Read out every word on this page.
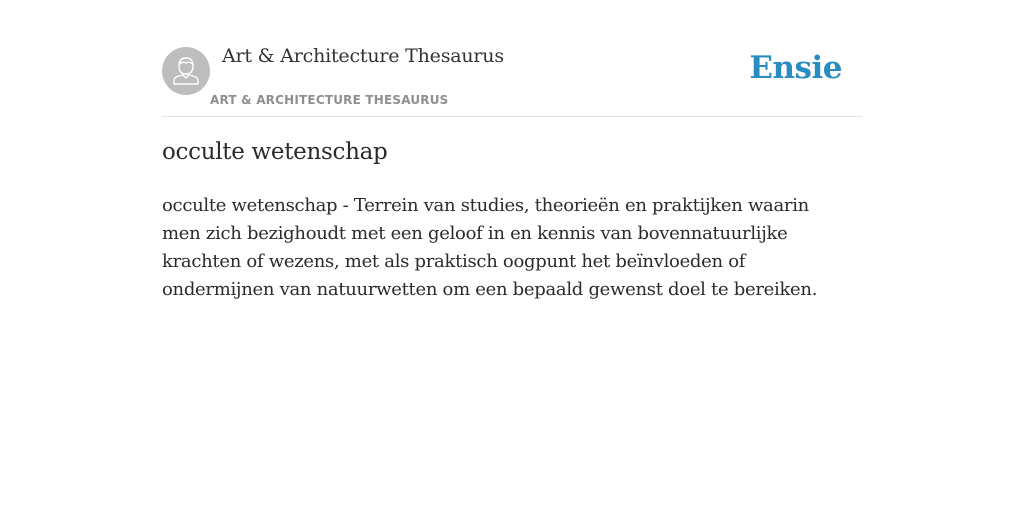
Art & Architecture Thesaurus
ART & ARCHITECTURE THESAURUS
Ensie
occulte wetenschap

occulte wetenschap - Terrein van studies, theorieën en praktijken waarin men zich bezighoudt met een geloof in en kennis van bovennatuurlijke krachten of wezens, met als praktisch oogpunt het beïnvloeden of ondermijnen van natuurwetten om een bepaald gewenst doel te bereiken.
